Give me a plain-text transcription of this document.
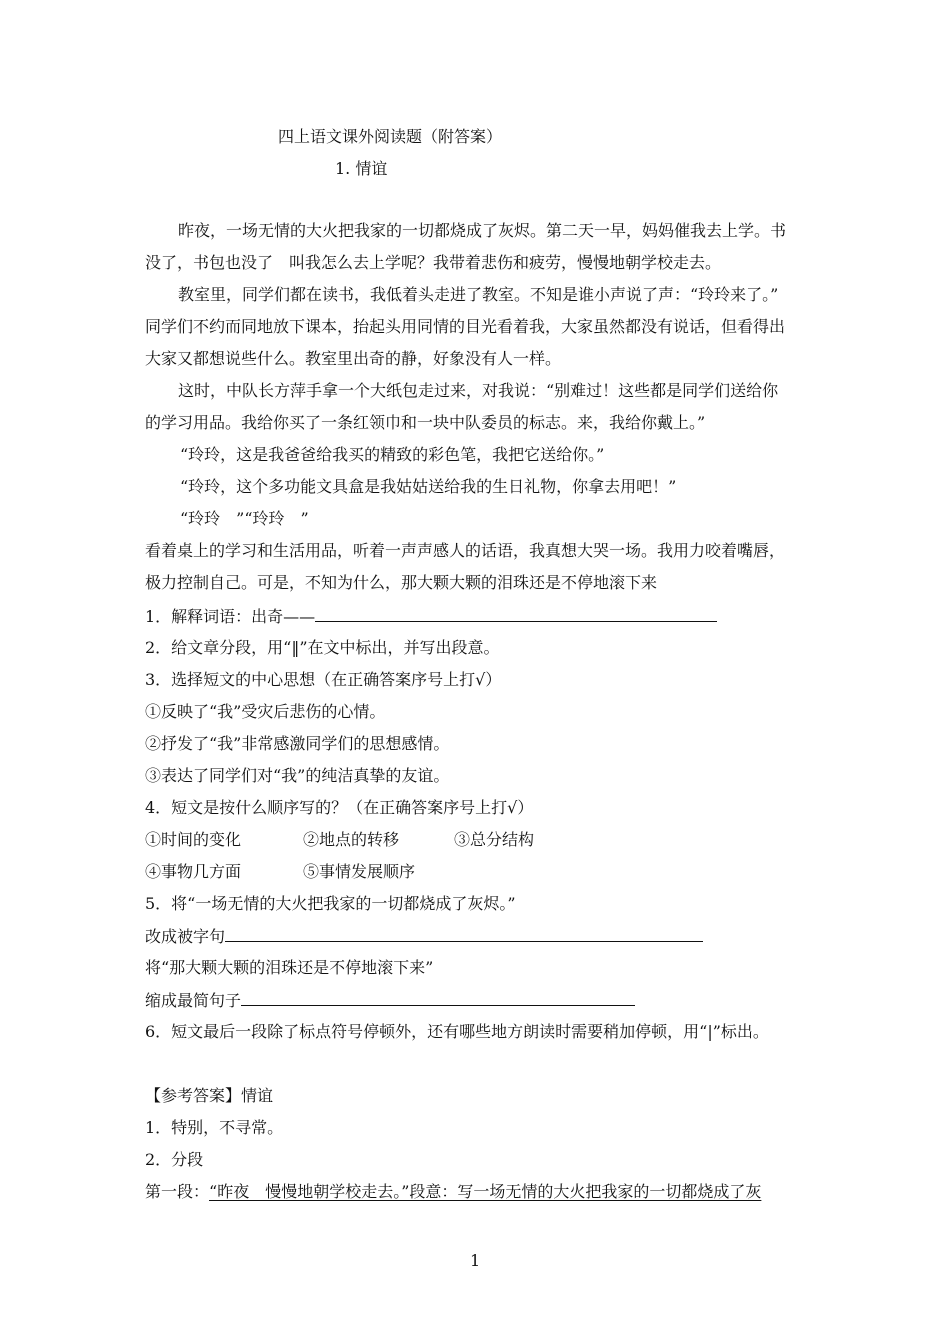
四上语文课外阅读题（附答案）
1. 情谊
昨夜，一场无情的大火把我家的一切都烧成了灰烬。第二天一早，妈妈催我去上学。书
没了，书包也没了　叫我怎么去上学呢？我带着悲伤和疲劳，慢慢地朝学校走去。
教室里，同学们都在读书，我低着头走进了教室。不知是谁小声说了声：“玲玲来了。”
同学们不约而同地放下课本，抬起头用同情的目光看着我，大家虽然都没有说话，但看得出
大家又都想说些什么。教室里出奇的静，好象没有人一样。
这时，中队长方萍手拿一个大纸包走过来，对我说：“别难过！这些都是同学们送给你
的学习用品。我给你买了一条红领巾和一块中队委员的标志。来，我给你戴上。”
“玲玲，这是我爸爸给我买的精致的彩色笔，我把它送给你。”
“玲玲，这个多功能文具盒是我姑姑送给我的生日礼物，你拿去用吧！”
“玲玲　”“玲玲　”
看着桌上的学习和生活用品，听着一声声感人的话语，我真想大哭一场。我用力咬着嘴唇，
极力控制自己。可是，不知为什么，那大颗大颗的泪珠还是不停地滚下来
1．解释词语：出奇——
2．给文章分段，用“‖”在文中标出，并写出段意。
3．选择短文的中心思想（在正确答案序号上打√）
①反映了“我”受灾后悲伤的心情。
②抒发了“我”非常感激同学们的思想感情。
③表达了同学们对“我”的纯洁真挚的友谊。
4．短文是按什么顺序写的？（在正确答案序号上打√）
①时间的变化	②地点的转移	③总分结构
④事物几方面	⑤事情发展顺序
5．将“一场无情的大火把我家的一切都烧成了灰烬。”
改成被字句
将“那大颗大颗的泪珠还是不停地滚下来”
缩成最简句子
6．短文最后一段除了标点符号停顿外，还有哪些地方朗读时需要稍加停顿，用“|”标出。
【参考答案】情谊
1．特别，不寻常。
2．分段
第一段：“昨夜　慢慢地朝学校走去。”段意：写一场无情的大火把我家的一切都烧成了灰
1
